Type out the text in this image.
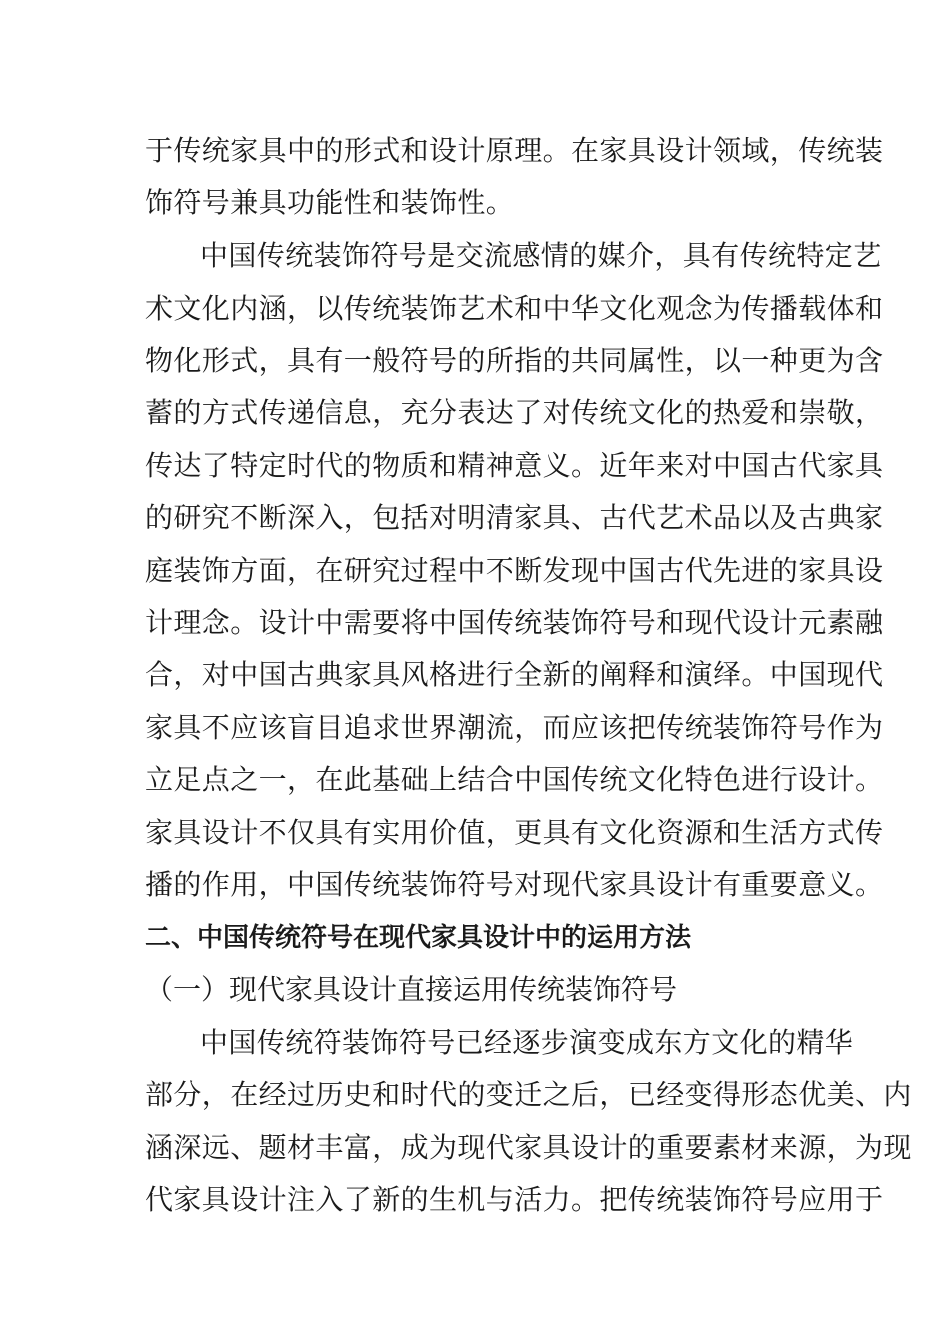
于传统家具中的形式和设计原理。在家具设计领域，传统装
饰符号兼具功能性和装饰性。
中国传统装饰符号是交流感情的媒介，具有传统特定艺
术文化内涵，以传统装饰艺术和中华文化观念为传播载体和
物化形式，具有一般符号的所指的共同属性，以一种更为含
蓄的方式传递信息，充分表达了对传统文化的热爱和崇敬，
传达了特定时代的物质和精神意义。近年来对中国古代家具
的研究不断深入，包括对明清家具、古代艺术品以及古典家
庭装饰方面，在研究过程中不断发现中国古代先进的家具设
计理念。设计中需要将中国传统装饰符号和现代设计元素融
合，对中国古典家具风格进行全新的阐释和演绎。中国现代
家具不应该盲目追求世界潮流，而应该把传统装饰符号作为
立足点之一，在此基础上结合中国传统文化特色进行设计。
家具设计不仅具有实用价值，更具有文化资源和生活方式传
播的作用，中国传统装饰符号对现代家具设计有重要意义。
二、中国传统符号在现代家具设计中的运用方法
（一）现代家具设计直接运用传统装饰符号
中国传统符装饰符号已经逐步演变成东方文化的精华
部分，在经过历史和时代的变迁之后，已经变得形态优美、内
涵深远、题材丰富，成为现代家具设计的重要素材来源，为现
代家具设计注入了新的生机与活力。把传统装饰符号应用于
